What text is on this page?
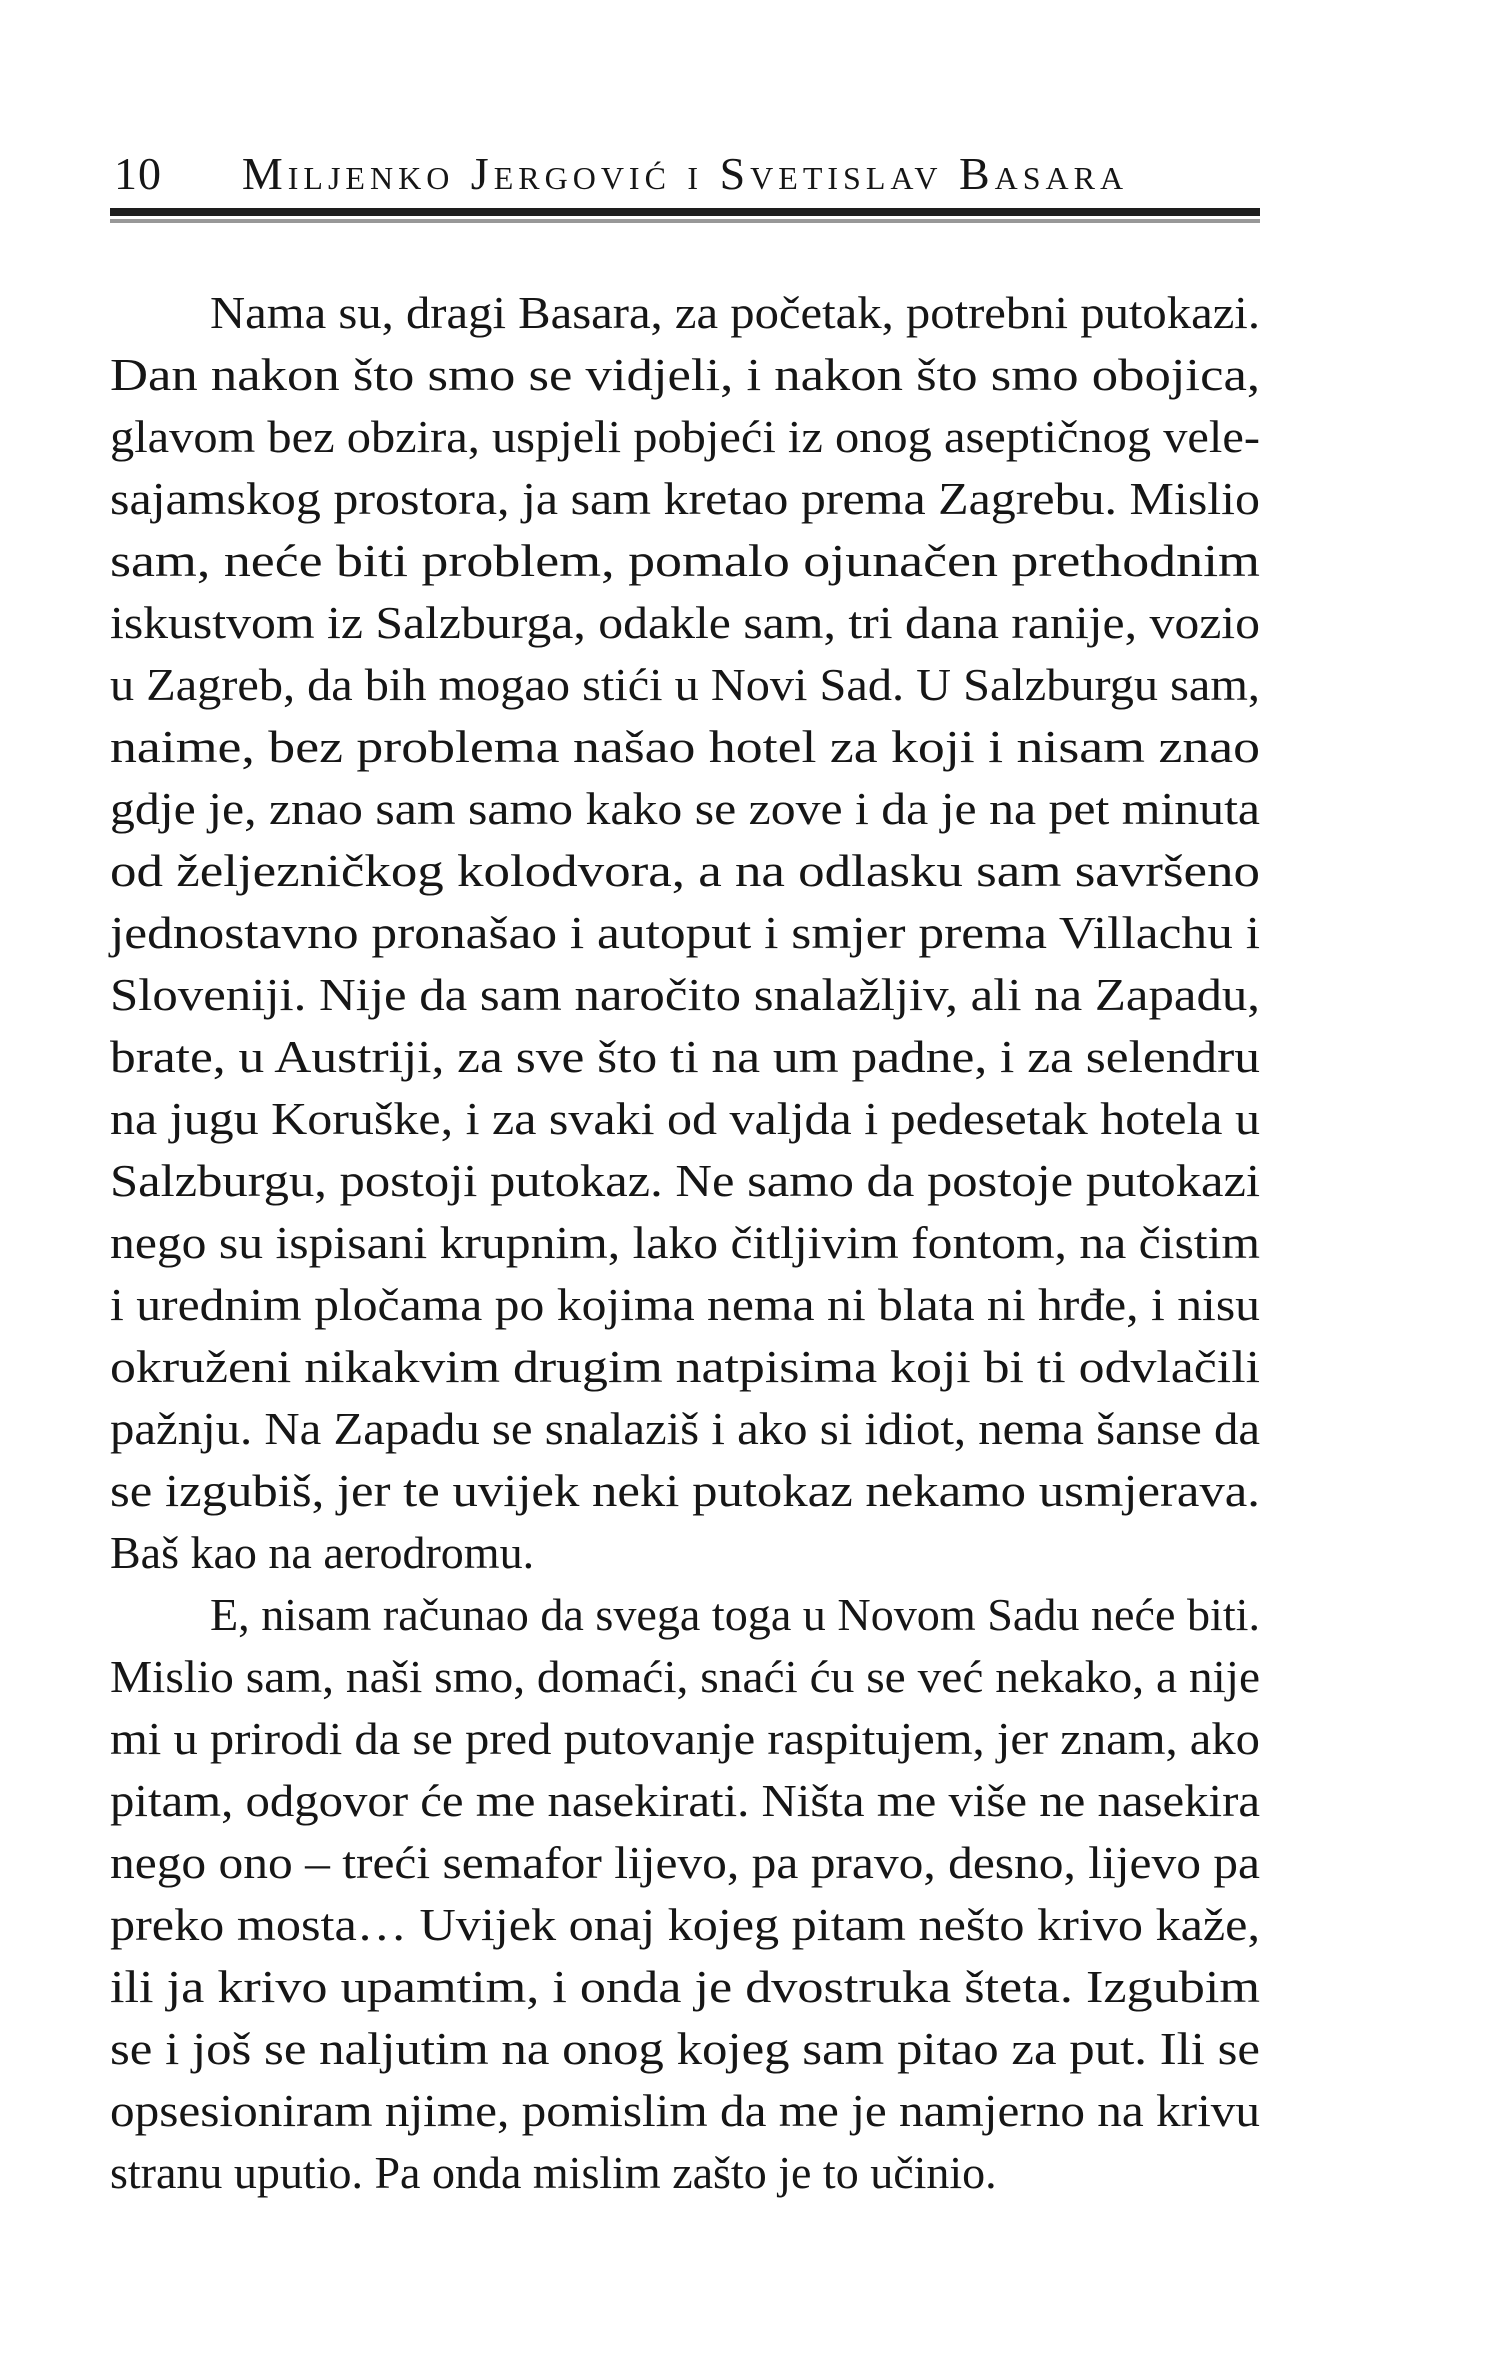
10 Miljenko Jergović i Svetislav Basara
Nama su, dragi Basara, za početak, potrebni putokazi.
Dan nakon što smo se vidjeli, i nakon što smo obojica,
glavom bez obzira, uspjeli pobjeći iz onog aseptičnog vele-
sajamskog prostora, ja sam kretao prema Zagrebu. Mislio
sam, neće biti problem, pomalo ojunačen prethodnim
iskustvom iz Salzburga, odakle sam, tri dana ranije, vozio
u Zagreb, da bih mogao stići u Novi Sad. U Salzburgu sam,
naime, bez problema našao hotel za koji i nisam znao
gdje je, znao sam samo kako se zove i da je na pet minuta
od željezničkog kolodvora, a na odlasku sam savršeno
jednostavno pronašao i autoput i smjer prema Villachu i
Sloveniji. Nije da sam naročito snalažljiv, ali na Zapadu,
brate, u Austriji, za sve što ti na um padne, i za selendru
na jugu Koruške, i za svaki od valjda i pedesetak hotela u
Salzburgu, postoji putokaz. Ne samo da postoje putokazi
nego su ispisani krupnim, lako čitljivim fontom, na čistim
i urednim pločama po kojima nema ni blata ni hrđe, i nisu
okruženi nikakvim drugim natpisima koji bi ti odvlačili
pažnju. Na Zapadu se snalaziš i ako si idiot, nema šanse da
se izgubiš, jer te uvijek neki putokaz nekamo usmjerava.
Baš kao na aerodromu.
E, nisam računao da svega toga u Novom Sadu neće biti.
Mislio sam, naši smo, domaći, snaći ću se već nekako, a nije
mi u prirodi da se pred putovanje raspitujem, jer znam, ako
pitam, odgovor će me nasekirati. Ništa me više ne nasekira
nego ono – treći semafor lijevo, pa pravo, desno, lijevo pa
preko mosta… Uvijek onaj kojeg pitam nešto krivo kaže,
ili ja krivo upamtim, i onda je dvostruka šteta. Izgubim
se i još se naljutim na onog kojeg sam pitao za put. Ili se
opsesioniram njime, pomislim da me je namjerno na krivu
stranu uputio. Pa onda mislim zašto je to učinio.
